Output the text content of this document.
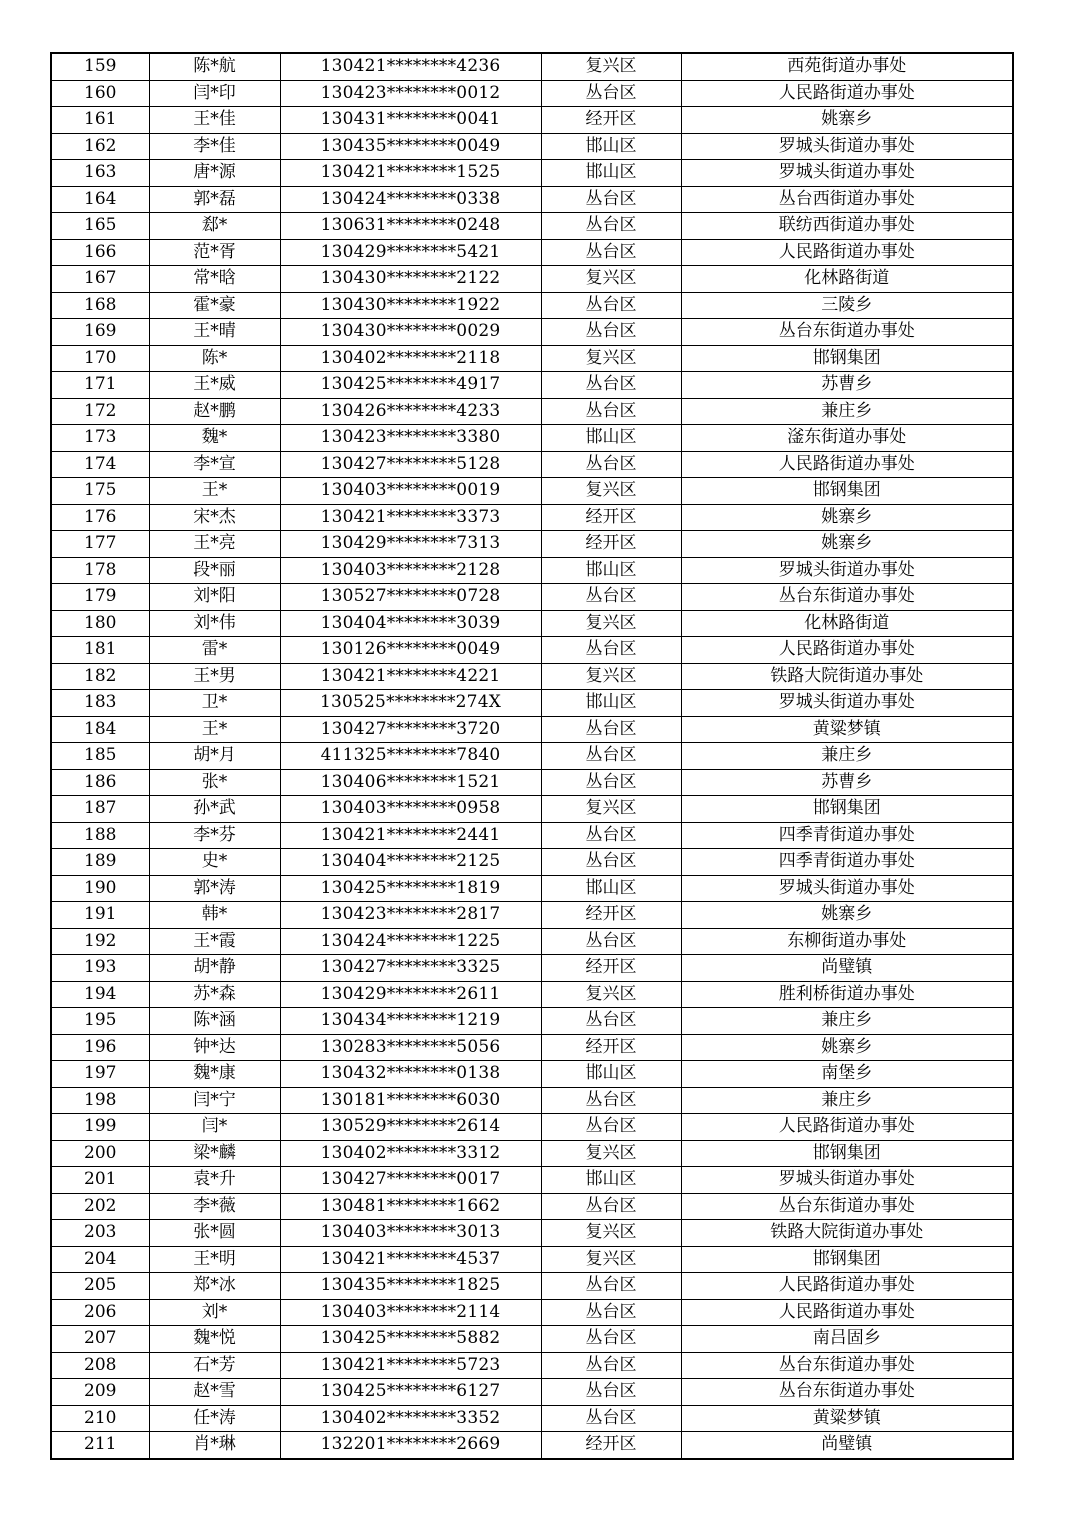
159	陈*航	130421********4236	复兴区	西苑街道办事处
160	闫*印	130423********0012	丛台区	人民路街道办事处
161	王*佳	130431********0041	经开区	姚寨乡
162	李*佳	130435********0049	邯山区	罗城头街道办事处
163	唐*源	130421********1525	邯山区	罗城头街道办事处
164	郭*磊	130424********0338	丛台区	丛台西街道办事处
165	郄*	130631********0248	丛台区	联纺西街道办事处
166	范*胥	130429********5421	丛台区	人民路街道办事处
167	常*晗	130430********2122	复兴区	化林路街道
168	霍*豪	130430********1922	丛台区	三陵乡
169	王*晴	130430********0029	丛台区	丛台东街道办事处
170	陈*	130402********2118	复兴区	邯钢集团
171	王*威	130425********4917	丛台区	苏曹乡
172	赵*鹏	130426********4233	丛台区	兼庄乡
173	魏*	130423********3380	邯山区	滏东街道办事处
174	李*宣	130427********5128	丛台区	人民路街道办事处
175	王*	130403********0019	复兴区	邯钢集团
176	宋*杰	130421********3373	经开区	姚寨乡
177	王*亮	130429********7313	经开区	姚寨乡
178	段*丽	130403********2128	邯山区	罗城头街道办事处
179	刘*阳	130527********0728	丛台区	丛台东街道办事处
180	刘*伟	130404********3039	复兴区	化林路街道
181	雷*	130126********0049	丛台区	人民路街道办事处
182	王*男	130421********4221	复兴区	铁路大院街道办事处
183	卫*	130525********274X	邯山区	罗城头街道办事处
184	王*	130427********3720	丛台区	黄粱梦镇
185	胡*月	411325********7840	丛台区	兼庄乡
186	张*	130406********1521	丛台区	苏曹乡
187	孙*武	130403********0958	复兴区	邯钢集团
188	李*芬	130421********2441	丛台区	四季青街道办事处
189	史*	130404********2125	丛台区	四季青街道办事处
190	郭*涛	130425********1819	邯山区	罗城头街道办事处
191	韩*	130423********2817	经开区	姚寨乡
192	王*霞	130424********1225	丛台区	东柳街道办事处
193	胡*静	130427********3325	经开区	尚璧镇
194	苏*森	130429********2611	复兴区	胜利桥街道办事处
195	陈*涵	130434********1219	丛台区	兼庄乡
196	钟*达	130283********5056	经开区	姚寨乡
197	魏*康	130432********0138	邯山区	南堡乡
198	闫*宁	130181********6030	丛台区	兼庄乡
199	闫*	130529********2614	丛台区	人民路街道办事处
200	梁*麟	130402********3312	复兴区	邯钢集团
201	袁*升	130427********0017	邯山区	罗城头街道办事处
202	李*薇	130481********1662	丛台区	丛台东街道办事处
203	张*圆	130403********3013	复兴区	铁路大院街道办事处
204	王*明	130421********4537	复兴区	邯钢集团
205	郑*冰	130435********1825	丛台区	人民路街道办事处
206	刘*	130403********2114	丛台区	人民路街道办事处
207	魏*悦	130425********5882	丛台区	南吕固乡
208	石*芳	130421********5723	丛台区	丛台东街道办事处
209	赵*雪	130425********6127	丛台区	丛台东街道办事处
210	任*涛	130402********3352	丛台区	黄粱梦镇
211	肖*琳	132201********2669	经开区	尚璧镇
